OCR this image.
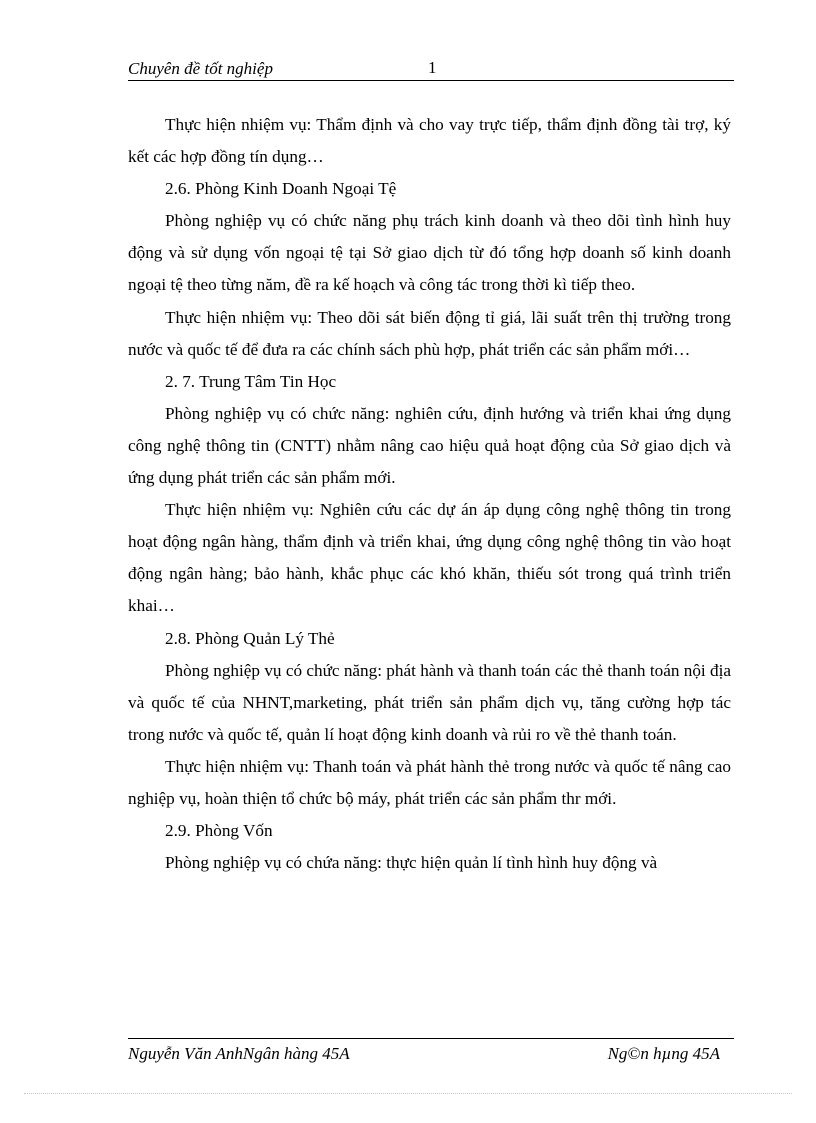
Chuyên đề tốt nghiệp	1

Thực hiện nhiệm vụ: Thẩm định và cho vay trực tiếp, thẩm định đồng tài trợ, ký kết các hợp đồng tín dụng…

2.6. Phòng Kinh Doanh Ngoại Tệ

Phòng nghiệp vụ có chức năng phụ trách kinh doanh và theo dõi tình hình huy động và sử dụng vốn ngoại tệ tại Sở giao dịch từ đó tổng hợp doanh số kinh doanh ngoại tệ theo từng năm, đề ra kế hoạch và công tác trong thời kì tiếp theo.

Thực hiện nhiệm vụ: Theo dõi sát biến động tỉ giá, lãi suất trên thị trường trong nước và quốc tế để đưa ra các chính sách phù hợp, phát triển các sản phẩm mới…

2. 7. Trung Tâm Tin Học

Phòng nghiệp vụ có chức năng: nghiên cứu, định hướng và triển khai ứng dụng công nghệ thông tin (CNTT) nhằm nâng cao hiệu quả hoạt động của Sở giao dịch và ứng dụng phát triển các sản phẩm mới.

Thực hiện nhiệm vụ: Nghiên cứu các dự án áp dụng công nghệ thông tin trong hoạt động ngân hàng, thẩm định và triển khai, ứng dụng công nghệ thông tin vào hoạt động ngân hàng; bảo hành, khắc phục các khó khăn, thiếu sót trong quá trình triển khai…

2.8. Phòng Quản Lý Thẻ

Phòng nghiệp vụ có chức năng: phát hành và thanh toán các thẻ thanh toán nội địa và quốc tế của NHNT,marketing, phát triển sản phẩm dịch vụ, tăng cường hợp tác trong nước và quốc tế, quản lí hoạt động kinh doanh và rủi ro về thẻ thanh toán.

Thực hiện nhiệm vụ: Thanh toán và phát hành thẻ trong nước và quốc tế nâng cao nghiệp vụ, hoàn thiện tổ chức bộ máy, phát triển các sản phẩm thr mới.

2.9. Phòng Vốn

Phòng nghiệp vụ có chứa năng: thực hiện quản lí tình hình huy động và

Nguyễn Văn AnhNgân hàng 45A	Ng©n hµng 45A
